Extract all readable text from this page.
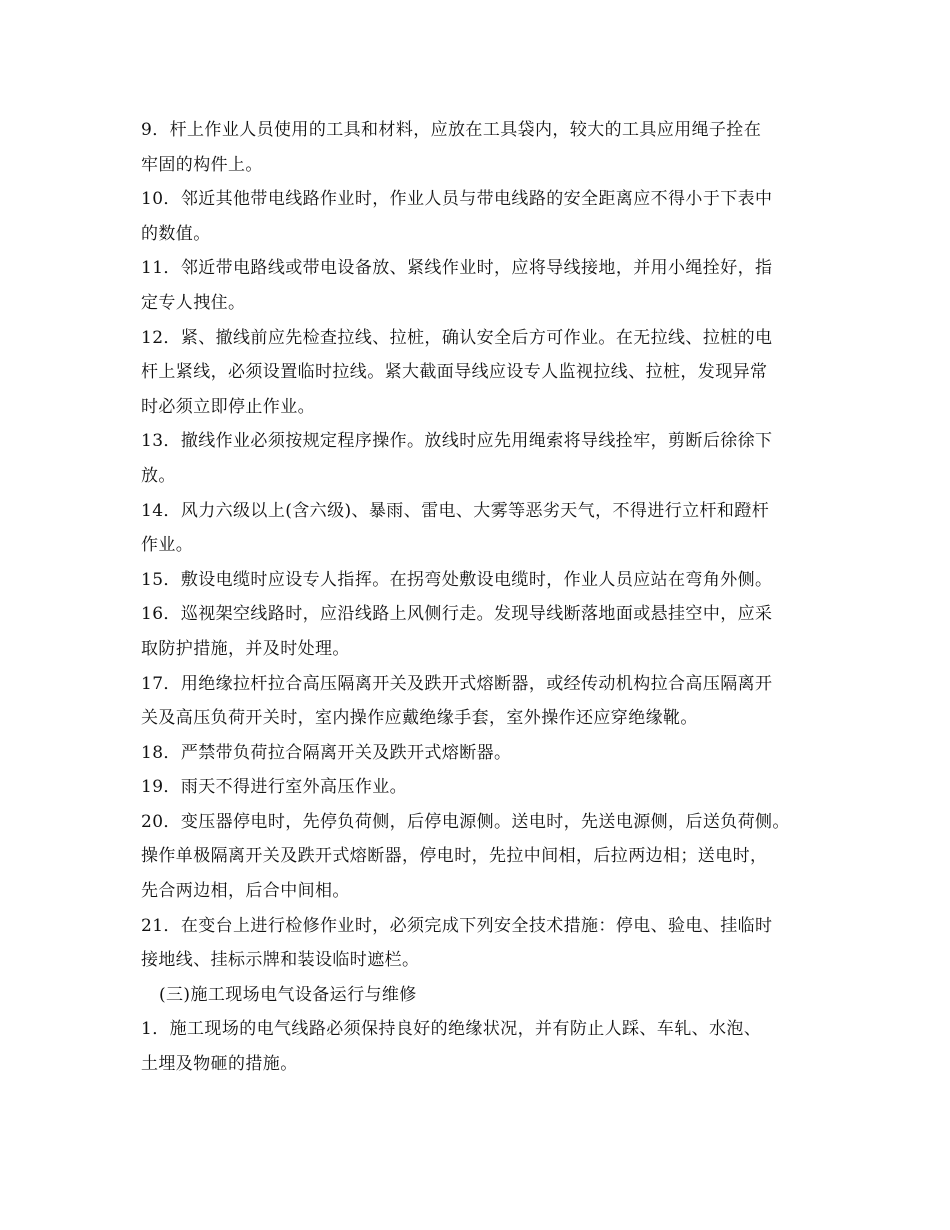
9．杆上作业人员使用的工具和材料，应放在工具袋内，较大的工具应用绳子拴在
牢固的构件上。
10．邻近其他带电线路作业时，作业人员与带电线路的安全距离应不得小于下表中
的数值。
11．邻近带电路线或带电设备放、紧线作业时，应将导线接地，并用小绳拴好，指
定专人拽住。
12．紧、撤线前应先检查拉线、拉桩，确认安全后方可作业。在无拉线、拉桩的电
杆上紧线，必须设置临时拉线。紧大截面导线应设专人监视拉线、拉桩，发现异常
时必须立即停止作业。
13．撤线作业必须按规定程序操作。放线时应先用绳索将导线拴牢，剪断后徐徐下
放。
14．风力六级以上(含六级)、暴雨、雷电、大雾等恶劣天气，不得进行立杆和蹬杆
作业。
15．敷设电缆时应设专人指挥。在拐弯处敷设电缆时，作业人员应站在弯角外侧。
16．巡视架空线路时，应沿线路上风侧行走。发现导线断落地面或悬挂空中，应采
取防护措施，并及时处理。
17．用绝缘拉杆拉合高压隔离开关及跌开式熔断器，或经传动机构拉合高压隔离开
关及高压负荷开关时，室内操作应戴绝缘手套，室外操作还应穿绝缘靴。
18．严禁带负荷拉合隔离开关及跌开式熔断器。
19．雨天不得进行室外高压作业。
20．变压器停电时，先停负荷侧，后停电源侧。送电时，先送电源侧，后送负荷侧。
操作单极隔离开关及跌开式熔断器，停电时，先拉中间相，后拉两边相；送电时，
先合两边相，后合中间相。
21．在变台上进行检修作业时，必须完成下列安全技术措施：停电、验电、挂临时
接地线、挂标示牌和装设临时遮栏。
(三)施工现场电气设备运行与维修
1．施工现场的电气线路必须保持良好的绝缘状况，并有防止人踩、车轧、水泡、
土埋及物砸的措施。
